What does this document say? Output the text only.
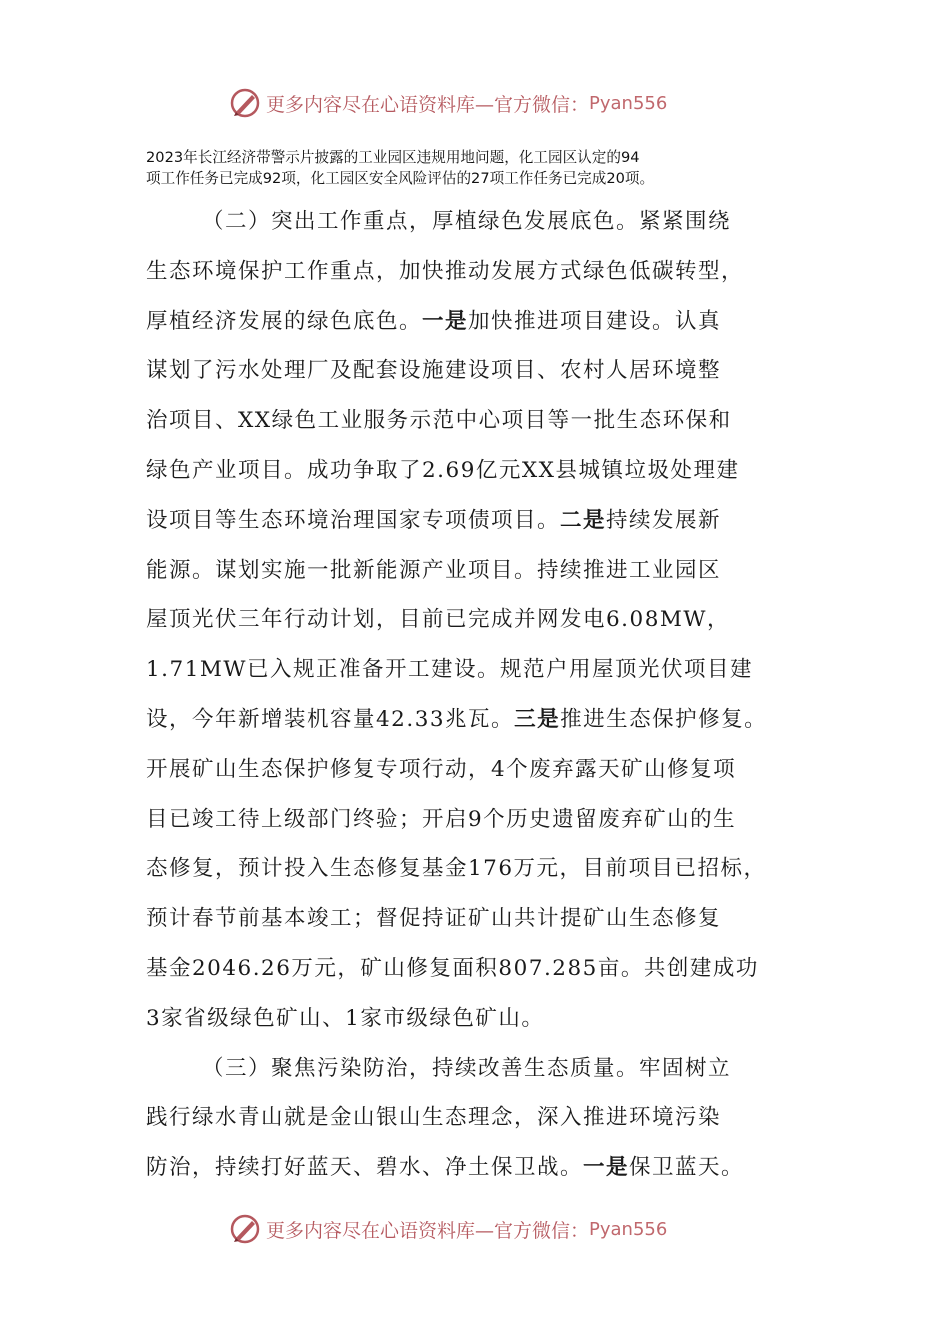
更多内容尽在心语资料库—官方微信： Pyan556

2023年长江经济带警示片披露的工业园区违规用地问题，化工园区认定的94

项工作任务已完成92项，化工园区安全风险评估的27项工作任务已完成20项。

（二）突出工作重点，厚植绿色发展底色。紧紧围绕

生态环境保护工作重点，加快推动发展方式绿色低碳转型，

厚植经济发展的绿色底色。一是加快推进项目建设。认真

谋划了污水处理厂及配套设施建设项目、农村人居环境整

治项目、XX绿色工业服务示范中心项目等一批生态环保和

绿色产业项目。成功争取了2.69亿元XX县城镇垃圾处理建

设项目等生态环境治理国家专项债项目。二是持续发展新

能源。谋划实施一批新能源产业项目。持续推进工业园区

屋顶光伏三年行动计划，目前已完成并网发电6.08MW，

1.71MW已入规正准备开工建设。规范户用屋顶光伏项目建

设，今年新增装机容量42.33兆瓦。三是推进生态保护修复。

开展矿山生态保护修复专项行动，4个废弃露天矿山修复项

目已竣工待上级部门终验；开启9个历史遗留废弃矿山的生

态修复，预计投入生态修复基金176万元，目前项目已招标，

预计春节前基本竣工；督促持证矿山共计提矿山生态修复

基金2046.26万元，矿山修复面积807.285亩。共创建成功

3家省级绿色矿山、1家市级绿色矿山。

（三）聚焦污染防治，持续改善生态质量。牢固树立

践行绿水青山就是金山银山生态理念，深入推进环境污染

防治，持续打好蓝天、碧水、净土保卫战。一是保卫蓝天。

更多内容尽在心语资料库—官方微信： Pyan556
